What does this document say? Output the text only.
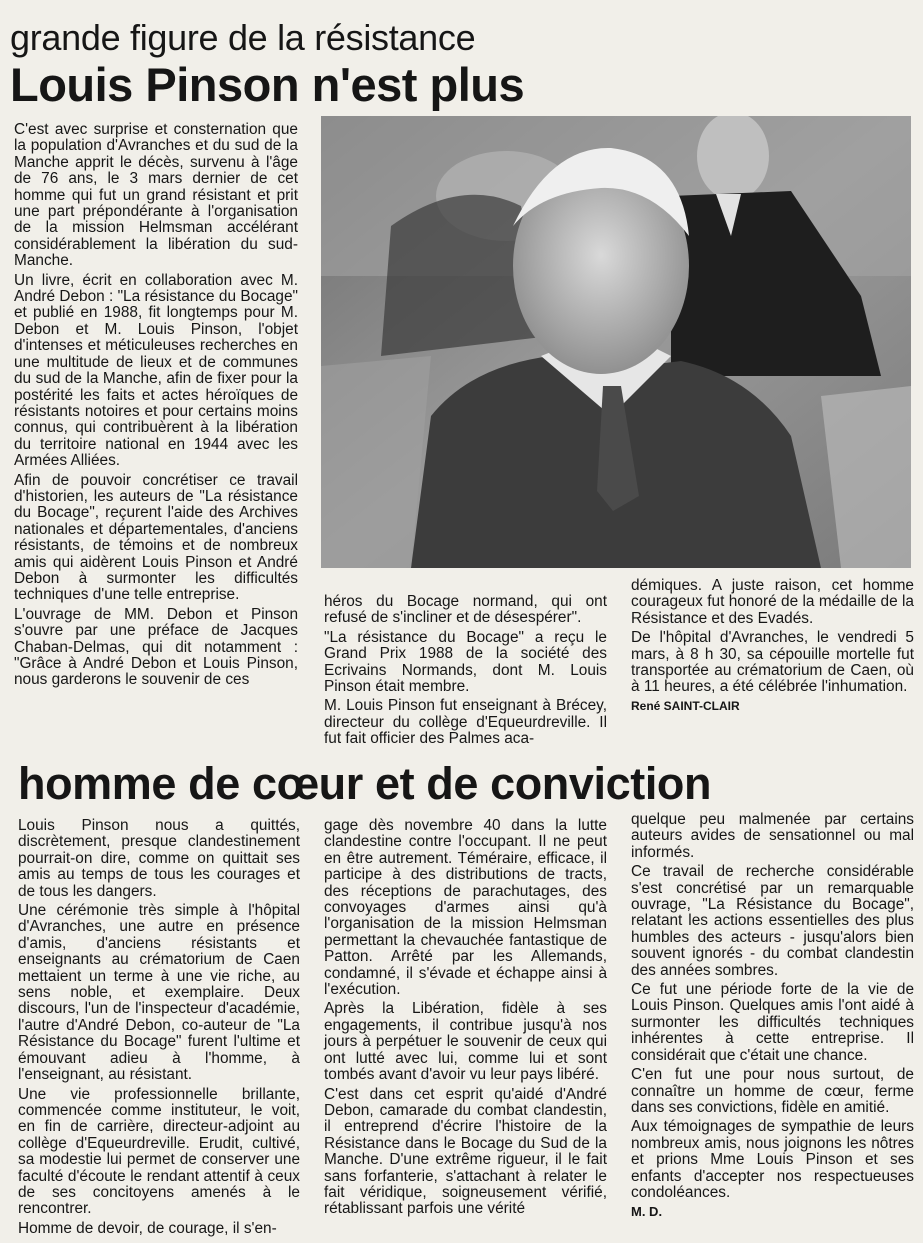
grande figure de la résistance
Louis Pinson n'est plus

C'est avec surprise et consternation que la population d'Avranches et du sud de la Manche apprit le décès, survenu à l'âge de 76 ans, le 3 mars dernier de cet homme qui fut un grand résistant et prit une part prépondérante à l'organisation de la mission Helmsman accélérant considérablement la libération du sud-Manche.

Un livre, écrit en collaboration avec M. André Debon : "La résistance du Bocage" et publié en 1988, fit longtemps pour M. Debon et M. Louis Pinson, l'objet d'intenses et méticuleuses recherches en une multitude de lieux et de communes du sud de la Manche, afin de fixer pour la postérité les faits et actes héroïques de résistants notoires et pour certains moins connus, qui contribuèrent à la libération du territoire national en 1944 avec les Armées Alliées.

Afin de pouvoir concrétiser ce travail d'historien, les auteurs de "La résistance du Bocage", reçurent l'aide des Archives nationales et départementales, d'anciens résistants, de témoins et de nombreux amis qui aidèrent Louis Pinson et André Debon à surmonter les difficultés techniques d'une telle entreprise.

L'ouvrage de MM. Debon et Pinson s'ouvre par une préface de Jacques Chaban-Delmas, qui dit notamment : "Grâce à André Debon et Louis Pinson, nous garderons le souvenir de ces

héros du Bocage normand, qui ont refusé de s'incliner et de désespérer".

"La résistance du Bocage" a reçu le Grand Prix 1988 de la société des Ecrivains Normands, dont M. Louis Pinson était membre.

M. Louis Pinson fut enseignant à Brécey, directeur du collège d'Equeurdreville. Il fut fait officier des Palmes aca-

démiques. A juste raison, cet homme courageux fut honoré de la médaille de la Résistance et des Evadés.

De l'hôpital d'Avranches, le vendredi 5 mars, à 8 h 30, sa cépouille mortelle fut transportée au crématorium de Caen, où à 11 heures, a été célébrée l'inhumation.

René SAINT-CLAIR

homme de cœur et de conviction

Louis Pinson nous a quittés, discrètement, presque clandestinement pourrait-on dire, comme on quittait ses amis au temps de tous les courages et de tous les dangers.

Une cérémonie très simple à l'hôpital d'Avranches, une autre en présence d'amis, d'anciens résistants et enseignants au crématorium de Caen mettaient un terme à une vie riche, au sens noble, et exemplaire. Deux discours, l'un de l'inspecteur d'académie, l'autre d'André Debon, co-auteur de "La Résistance du Bocage" furent l'ultime et émouvant adieu à l'homme, à l'enseignant, au résistant.

Une vie professionnelle brillante, commencée comme instituteur, le voit, en fin de carrière, directeur-adjoint au collège d'Equeurdreville. Erudit, cultivé, sa modestie lui permet de conserver une faculté d'écoute le rendant attentif à ceux de ses concitoyens amenés à le rencontrer.

Homme de devoir, de courage, il s'en-

gage dès novembre 40 dans la lutte clandestine contre l'occupant. Il ne peut en être autrement. Téméraire, efficace, il participe à des distributions de tracts, des réceptions de parachutages, des convoyages d'armes ainsi qu'à l'organisation de la mission Helmsman permettant la chevauchée fantastique de Patton. Arrêté par les Allemands, condamné, il s'évade et échappe ainsi à l'exécution.

Après la Libération, fidèle à ses engagements, il contribue jusqu'à nos jours à perpétuer le souvenir de ceux qui ont lutté avec lui, comme lui et sont tombés avant d'avoir vu leur pays libéré.

C'est dans cet esprit qu'aidé d'André Debon, camarade du combat clandestin, il entreprend d'écrire l'histoire de la Résistance dans le Bocage du Sud de la Manche. D'une extrême rigueur, il le fait sans forfanterie, s'attachant à relater le fait véridique, soigneusement vérifié, rétablissant parfois une vérité

quelque peu malmenée par certains auteurs avides de sensationnel ou mal informés.

Ce travail de recherche considérable s'est concrétisé par un remarquable ouvrage, "La Résistance du Bocage", relatant les actions essentielles des plus humbles des acteurs - jusqu'alors bien souvent ignorés - du combat clandestin des années sombres.

Ce fut une période forte de la vie de Louis Pinson. Quelques amis l'ont aidé à surmonter les difficultés techniques inhérentes à cette entreprise. Il considérait que c'était une chance.

C'en fut une pour nous surtout, de connaître un homme de cœur, ferme dans ses convictions, fidèle en amitié.

Aux témoignages de sympathie de leurs nombreux amis, nous joignons les nôtres et prions Mme Louis Pinson et ses enfants d'accepter nos respectueuses condoléances.

M. D.
